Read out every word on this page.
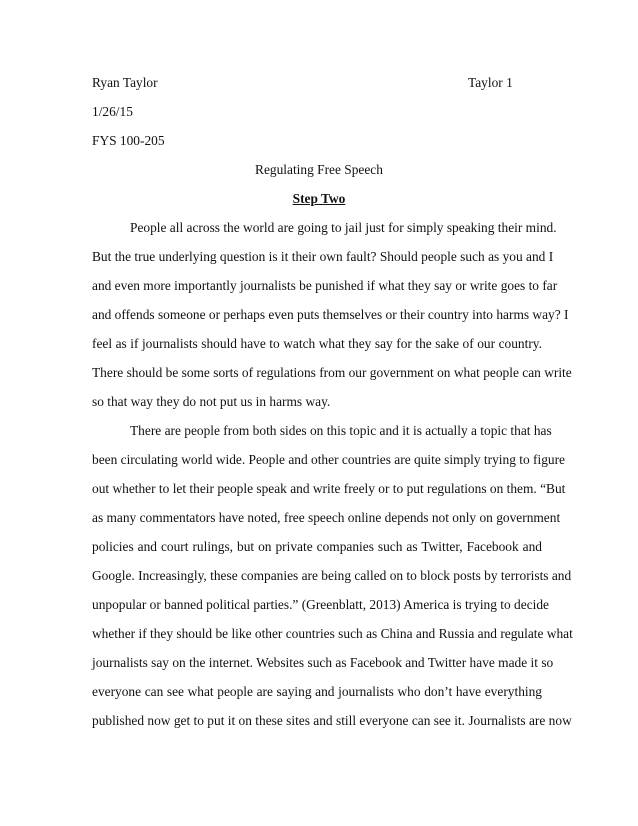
Ryan Taylor	Taylor 1
1/26/15
FYS 100-205
Regulating Free Speech
Step Two
People all across the world are going to jail just for simply speaking their mind.
But the true underlying question is it their own fault? Should people such as you and I
and even more importantly journalists be punished if what they say or write goes to far
and offends someone or perhaps even puts themselves or their country into harms way? I
feel as if journalists should have to watch what they say for the sake of our country.
There should be some sorts of regulations from our government on what people can write
so that way they do not put us in harms way.
There are people from both sides on this topic and it is actually a topic that has
been circulating world wide. People and other countries are quite simply trying to figure
out whether to let their people speak and write freely or to put regulations on them. “But
as many commentators have noted, free speech online depends not only on government
policies and court rulings, but on private companies such as Twitter, Facebook and
Google. Increasingly, these companies are being called on to block posts by terrorists and
unpopular or banned political parties.” (Greenblatt, 2013) America is trying to decide
whether if they should be like other countries such as China and Russia and regulate what
journalists say on the internet. Websites such as Facebook and Twitter have made it so
everyone can see what people are saying and journalists who don’t have everything
published now get to put it on these sites and still everyone can see it. Journalists are now
